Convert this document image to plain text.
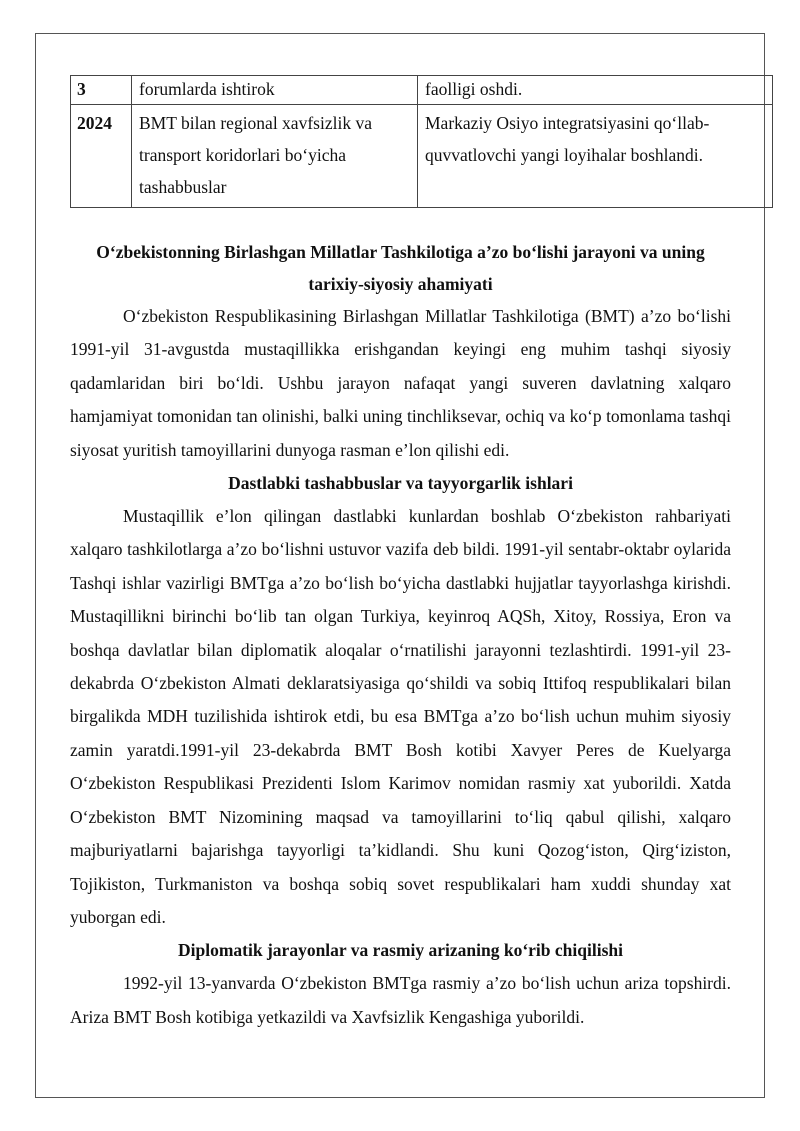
3	forumlarda ishtirok	faolligi oshdi.
2024	BMT bilan regional xavfsizlik va transport koridorlari bo‘yicha tashabbuslar	Markaziy Osiyo integratsiyasini qo‘llab-quvvatlovchi yangi loyihalar boshlandi.
O‘zbekistonning Birlashgan Millatlar Tashkilotiga a’zo bo‘lishi jarayoni va uning tarixiy-siyosiy ahamiyati

O‘zbekiston Respublikasining Birlashgan Millatlar Tashkilotiga (BMT) a’zo bo‘lishi 1991-yil 31-avgustda mustaqillikka erishgandan keyingi eng muhim tashqi siyosiy qadamlaridan biri bo‘ldi. Ushbu jarayon nafaqat yangi suveren davlatning xalqaro hamjamiyat tomonidan tan olinishi, balki uning tinchliksevar, ochiq va ko‘p tomonlama tashqi siyosat yuritish tamoyillarini dunyoga rasman e’lon qilishi edi.

Dastlabki tashabbuslar va tayyorgarlik ishlari

Mustaqillik e’lon qilingan dastlabki kunlardan boshlab O‘zbekiston rahbariyati xalqaro tashkilotlarga a’zo bo‘lishni ustuvor vazifa deb bildi. 1991-yil sentabr-oktabr oylarida Tashqi ishlar vazirligi BMTga a’zo bo‘lish bo‘yicha dastlabki hujjatlar tayyorlashga kirishdi. Mustaqillikni birinchi bo‘lib tan olgan Turkiya, keyinroq AQSh, Xitoy, Rossiya, Eron va boshqa davlatlar bilan diplomatik aloqalar o‘rnatilishi jarayonni tezlashtirdi. 1991-yil 23-dekabrda O‘zbekiston Almati deklaratsiyasiga qo‘shildi va sobiq Ittifoq respublikalari bilan birgalikda MDH tuzilishida ishtirok etdi, bu esa BMTga a’zo bo‘lish uchun muhim siyosiy zamin yaratdi.1991-yil 23-dekabrda BMT Bosh kotibi Xavyer Peres de Kuelyarga O‘zbekiston Respublikasi Prezidenti Islom Karimov nomidan rasmiy xat yuborildi. Xatda O‘zbekiston BMT Nizomining maqsad va tamoyillarini to‘liq qabul qilishi, xalqaro majburiyatlarni bajarishga tayyorligi ta’kidlandi. Shu kuni Qozog‘iston, Qirg‘iziston, Tojikiston, Turkmaniston va boshqa sobiq sovet respublikalari ham xuddi shunday xat yuborgan edi.

Diplomatik jarayonlar va rasmiy arizaning ko‘rib chiqilishi

1992-yil 13-yanvarda O‘zbekiston BMTga rasmiy a’zo bo‘lish uchun ariza topshirdi. Ariza BMT Bosh kotibiga yetkazildi va Xavfsizlik Kengashiga yuborildi.
